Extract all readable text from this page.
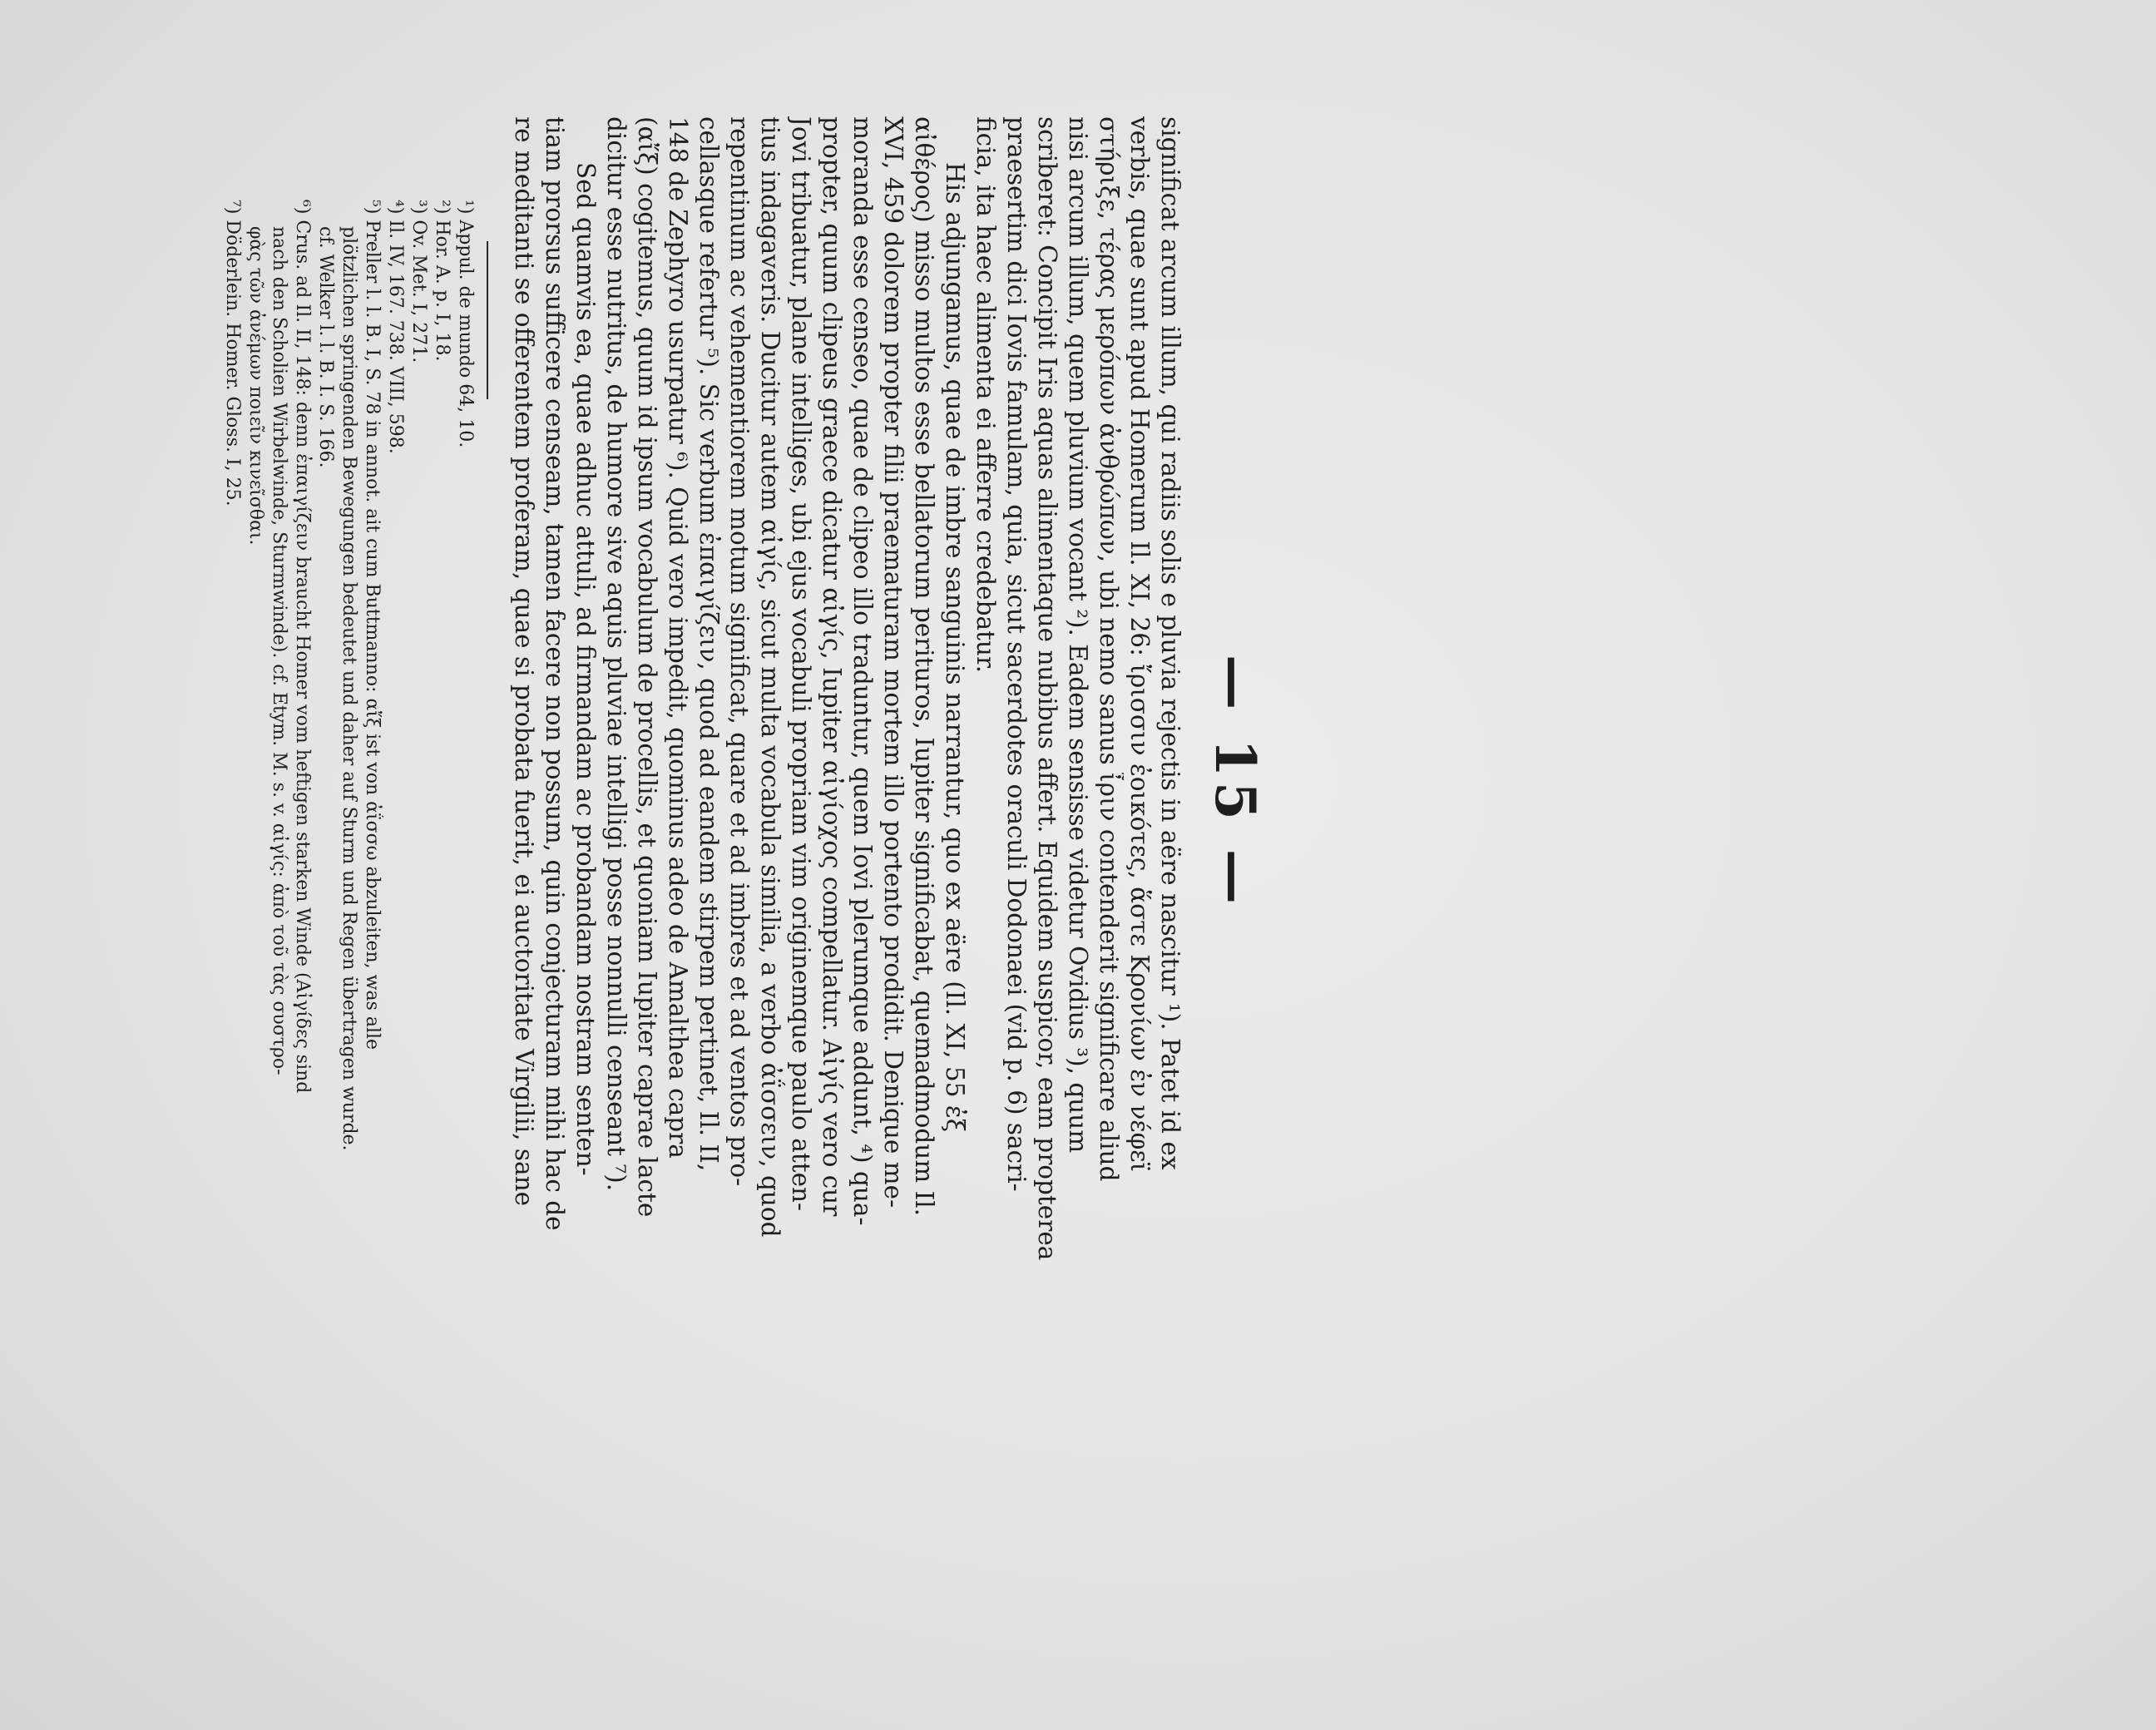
— 15 —
significat arcum illum, qui radiis solis e pluvia rejectis in aëre nascitur ¹). Patet id ex
verbis, quae sunt apud Homerum Il. XI, 26: ἴρισσιν ἐοικότες, ἅστε Κρονίων ἐν νέφεϊ
στήριξε, τέρας μερόπων ἀνθρώπων, ubi nemo sanus ἶριν contenderit significare aliud
nisi arcum illum, quem pluvium vocant ²). Eadem sensisse videtur Ovidius ³), quum
scriberet: Concipit Iris aquas alimentaque nubibus affert. Equidem suspicor, eam propterea
praesertim dici Iovis famulam, quia, sicut sacerdotes oraculi Dodonaei (vid p. 6) sacri-
ficia, ita haec alimenta ei afferre credebatur.
His adjungamus, quae de imbre sanguinis narrantur, quo ex aëre (Il. XI, 55 ἐξ
αἰθέρος) misso multos esse bellatorum perituros, Iupiter significabat, quemadmodum Il.
XVI, 459 dolorem propter filii praematuram mortem illo portento prodidit. Denique me-
moranda esse censeo, quae de clipeo illo traduntur, quem Iovi plerumque addunt, ⁴) qua-
propter, quum clipeus graece dicatur αἰγίς, Iupiter αἰγίοχος compellatur. Αἰγίς vero cur
Jovi tribuatur, plane intelliges, ubi ejus vocabuli propriam vim originemque paulo atten-
tius indagaveris. Ducitur autem αἰγίς, sicut multa vocabula similia, a verbo ἀΐσσειν, quod
repentinum ac vehementiorem motum significat, quare et ad imbres et ad ventos pro-
cellasque refertur ⁵). Sic verbum ἐπαιγίζειν, quod ad eandem stirpem pertinet, Il. II,
148 de Zephyro usurpatur ⁶). Quid vero impedit, quominus adeo de Amalthea capra
(αἴξ) cogitemus, quum id ipsum vocabulum de procellis, et quoniam Iupiter caprae lacte
dicitur esse nutritus, de humore sive aquis pluviae intelligi posse nonnulli censeant ⁷).
Sed quamvis ea, quae adhuc attuli, ad firmandam ac probandam nostram senten-
tiam prorsus sufficere censeam, tamen facere non possum, quin conjecturam mihi hac de
re meditanti se offerentem proferam, quae si probata fuerit, ei auctoritate Virgilii, sane
¹) Appul. de mundo 64, 10.
²) Hor. A. p. I, 18.
³) Ov. Met. I, 271.
⁴) Il. IV, 167. 738. VIII, 598.
⁵) Preller l. l. B. I, S. 78 in annot. ait cum Buttmanno: αἴξ ist von ἀΐσσω abzuleiten, was alle
plötzlichen springenden Bewegungen bedeutet und daher auf Sturm und Regen übertragen wurde.
cf. Welker l. l. B. I. S. 166.
⁶) Crus. ad Il. II, 148: denn ἐπαιγίζειν braucht Homer vom heftigen starken Winde (Αἰγίδες sind
nach den Scholien Wirbelwinde, Sturmwinde). cf. Etym. M. s. v. αἰγίς: ἀπὸ τοῦ τὰς συστρο-
φὰς τῶν ἀνέμων ποιεῖν κινεῖσθαι.
⁷) Döderlein. Homer. Gloss. I, 25.
